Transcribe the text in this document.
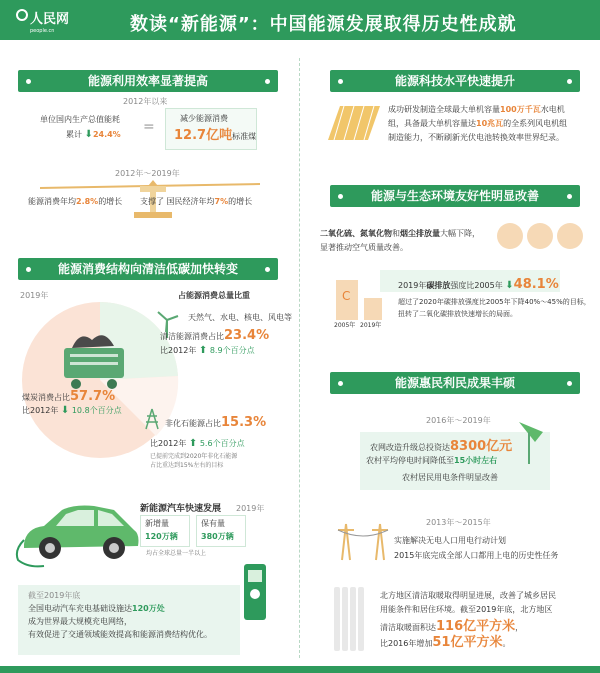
人民网
people.cn	数读“新能源”：中国能源发展取得历史性成就
能源利用效率显著提高
2012年以来
单位国内生产总值能耗
累计 ⬇24.4% =
减少能源消费
12.7亿吨标准煤
2012年～2019年
能源消费年均2.8%的增长 支撑了 国民经济年均7%的增长
能源消费结构向清洁低碳加快转变
2019年	占能源消费总量比重
天然气、水电、核电、风电等
清洁能源消费占比23.4%
比2012年 ⬆ 8.9个百分点
煤炭消费占比57.7%
比2012年 ⬇ 10.8个百分点
非化石能源占比15.3%
比2012年 ⬆ 5.6个百分点
已提前完成到2020年非化石能源
占比重达到15%左右的目标
新能源汽车快速发展 2019年
新增量
120万辆
保有量
380万辆
均占全球总量一半以上
截至2019年底
全国电动汽车充电基础设施达120万处
成为世界最大规模充电网络，
有效促进了交通领域能效提高和能源消费结构优化。
能源科技水平快速提升
成功研发制造全球最大单机容量100万千瓦水电机
组，具备最大单机容量达10兆瓦的全系列风电机组
制造能力，不断刷新光伏电池转换效率世界纪录。
能源与生态环境友好性明显改善
二氧化硫、氮氧化物和烟尘排放量大幅下降，
显著推动空气质量改善。
2019年碳排放强度比2005年 ⬇48.1%
C
2005年 2019年
超过了2020年碳排放强度比2005年下降40%～45%的目标，
扭转了二氧化碳排放快速增长的局面。
能源惠民利民成果丰硕
2016年～2019年
农网改造升级总投资达8300亿元
农村平均停电时间降低至15小时左右
农村居民用电条件明显改善
2013年～2015年
实施解决无电人口用电行动计划
2015年底完成全部人口都用上电的历史性任务
北方地区清洁取暖取得明显进展，改善了城乡居民
用能条件和居住环境。截至2019年底，北方地区
清洁取暖面积达116亿平方米，
比2016年增加51亿平方米。
